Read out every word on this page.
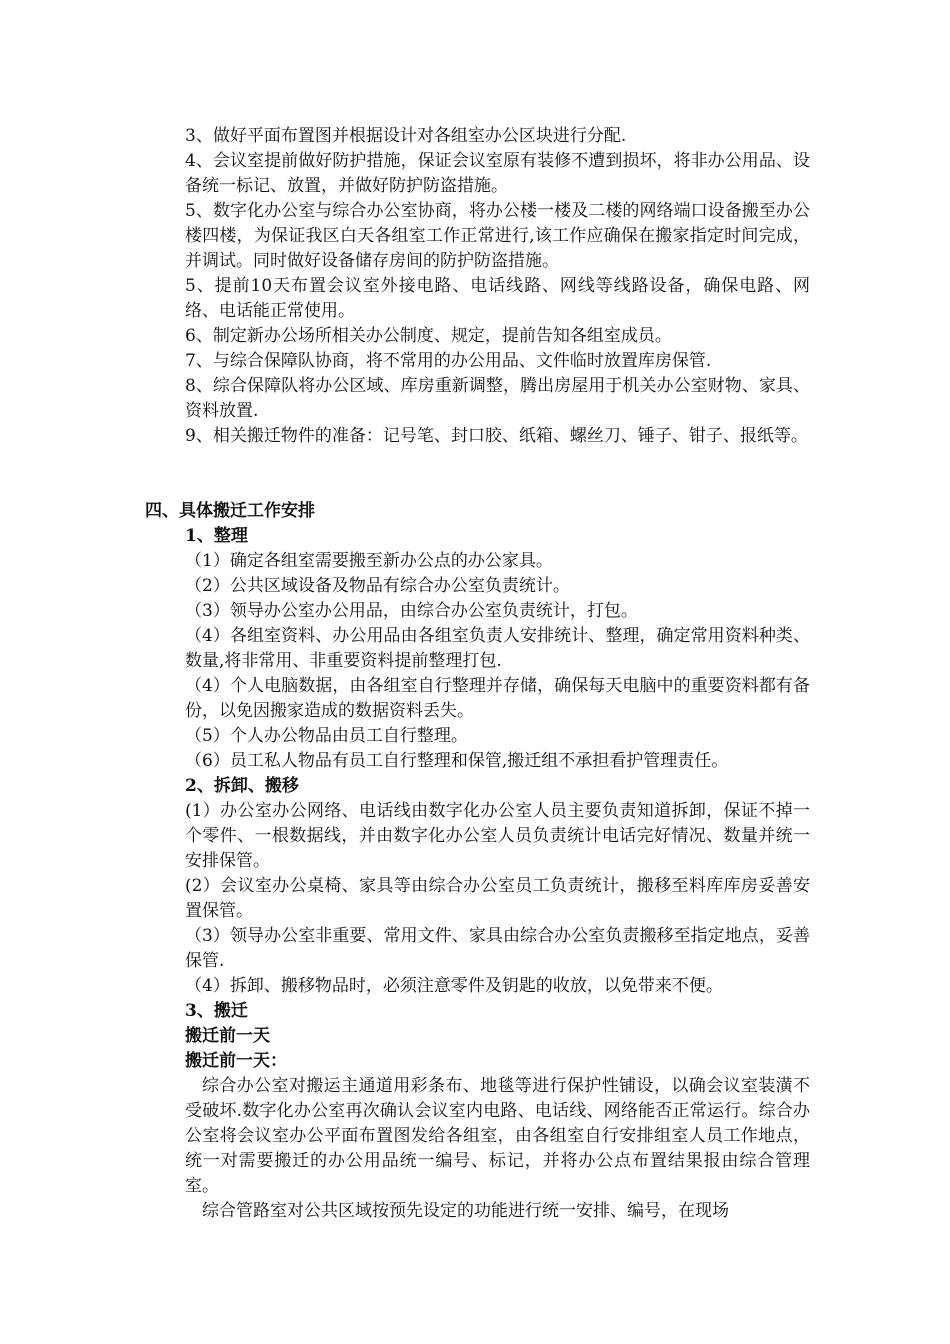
3、做好平面布置图并根据设计对各组室办公区块进行分配.

4、会议室提前做好防护措施，保证会议室原有装修不遭到损坏，将非办公用品、设备统一标记、放置，并做好防护防盗措施。

5、数字化办公室与综合办公室协商，将办公楼一楼及二楼的网络端口设备搬至办公楼四楼，为保证我区白天各组室工作正常进行,该工作应确保在搬家指定时间完成，并调试。同时做好设备储存房间的防护防盗措施。

5、提前10天布置会议室外接电路、电话线路、网线等线路设备，确保电路、网络、电话能正常使用。

6、制定新办公场所相关办公制度、规定，提前告知各组室成员。

7、与综合保障队协商，将不常用的办公用品、文件临时放置库房保管.

8、综合保障队将办公区域、库房重新调整，腾出房屋用于机关办公室财物、家具、资料放置.

9、相关搬迁物件的准备：记号笔、封口胶、纸箱、螺丝刀、锤子、钳子、报纸等。

四、具体搬迁工作安排

1、整理

（1）确定各组室需要搬至新办公点的办公家具。

（2）公共区域设备及物品有综合办公室负责统计。

（3）领导办公室办公用品，由综合办公室负责统计，打包。

（4）各组室资料、办公用品由各组室负责人安排统计、整理，确定常用资料种类、数量,将非常用、非重要资料提前整理打包.

（4）个人电脑数据，由各组室自行整理并存储，确保每天电脑中的重要资料都有备份，以免因搬家造成的数据资料丢失。

（5）个人办公物品由员工自行整理。

（6）员工私人物品有员工自行整理和保管,搬迁组不承担看护管理责任。

2、拆卸、搬移

(1）办公室办公网络、电话线由数字化办公室人员主要负责知道拆卸，保证不掉一个零件、一根数据线，并由数字化办公室人员负责统计电话完好情况、数量并统一安排保管。

(2）会议室办公桌椅、家具等由综合办公室员工负责统计，搬移至料库库房妥善安置保管。

（3）领导办公室非重要、常用文件、家具由综合办公室负责搬移至指定地点，妥善保管.

（4）拆卸、搬移物品时，必须注意零件及钥匙的收放，以免带来不便。

3、搬迁

搬迁前一天

搬迁前一天：

综合办公室对搬运主通道用彩条布、地毯等进行保护性铺设，以确会议室装潢不受破坏.数字化办公室再次确认会议室内电路、电话线、网络能否正常运行。综合办公室将会议室办公平面布置图发给各组室，由各组室自行安排组室人员工作地点，统一对需要搬迁的办公用品统一编号、标记，并将办公点布置结果报由综合管理室。

综合管路室对公共区域按预先设定的功能进行统一安排、编号，在现场
